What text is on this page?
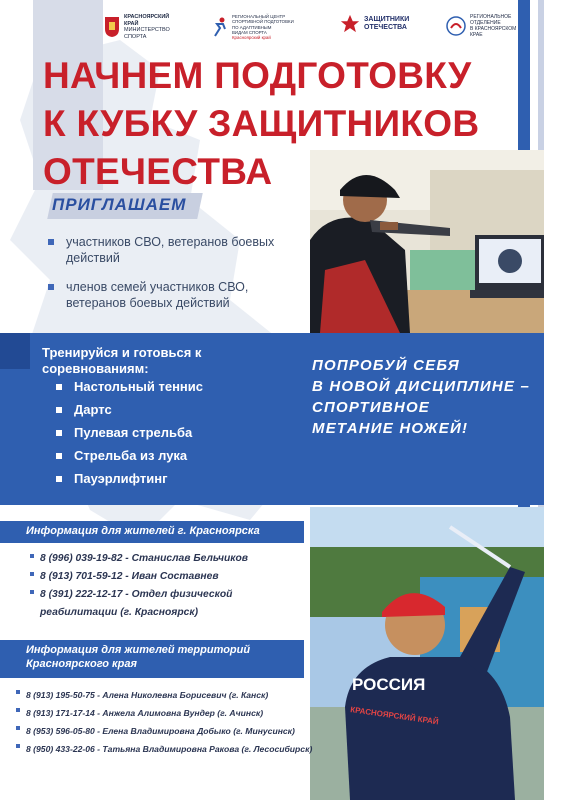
КРАСНОЯРСКИЙ
КРАЙ
МИНИСТЕРСТВО
СПОРТА
РЕГИОНАЛЬНЫЙ ЦЕНТР
СПОРТИВНОЙ ПОДГОТОВКИ
ПО АДАПТИВНЫМ
ВИДАМ СПОРТА
Красноярский край
ЗАЩИТНИКИ
ОТЕЧЕСТВА
РЕГИОНАЛЬНОЕ
ОТДЕЛЕНИЕ
В КРАСНОЯРСКОМ
КРАЕ
НАЧНЕМ ПОДГОТОВКУ
К КУБКУ ЗАЩИТНИКОВ
ОТЕЧЕСТВА
ПРИГЛАШАЕМ
участников СВО, ветеранов боевых действий
членов семей участников СВО, ветеранов боевых действий
Тренируйся и готовься к соревнованиям:
Настольный теннис
Дартс
Пулевая стрельба
Стрельба из лука
Пауэрлифтинг
ПОПРОБУЙ СЕБЯ
В НОВОЙ ДИСЦИПЛИНЕ –
СПОРТИВНОЕ
МЕТАНИЕ НОЖЕЙ!
РОССИЯ
КРАСНОЯРСКИЙ КРАЙ
Информация для жителей г. Красноярска
8 (996) 039-19-82 - Станислав Бельчиков
8 (913) 701-59-12 - Иван Составнев
8 (391) 222-12-17 - Отдел физической реабилитации (г. Красноярск)
Информация для жителей территорий
Красноярского края
8 (913) 195-50-75 - Алена Николевна Борисевич (г. Канск)
8 (913) 171-17-14 - Анжела Алимовна Вундер (г. Ачинск)
8 (953) 596-05-80 - Елена Владимировна Добыко (г. Минусинск)
8 (950) 433-22-06 - Татьяна Владимировна Ракова (г. Лесосибирск)
